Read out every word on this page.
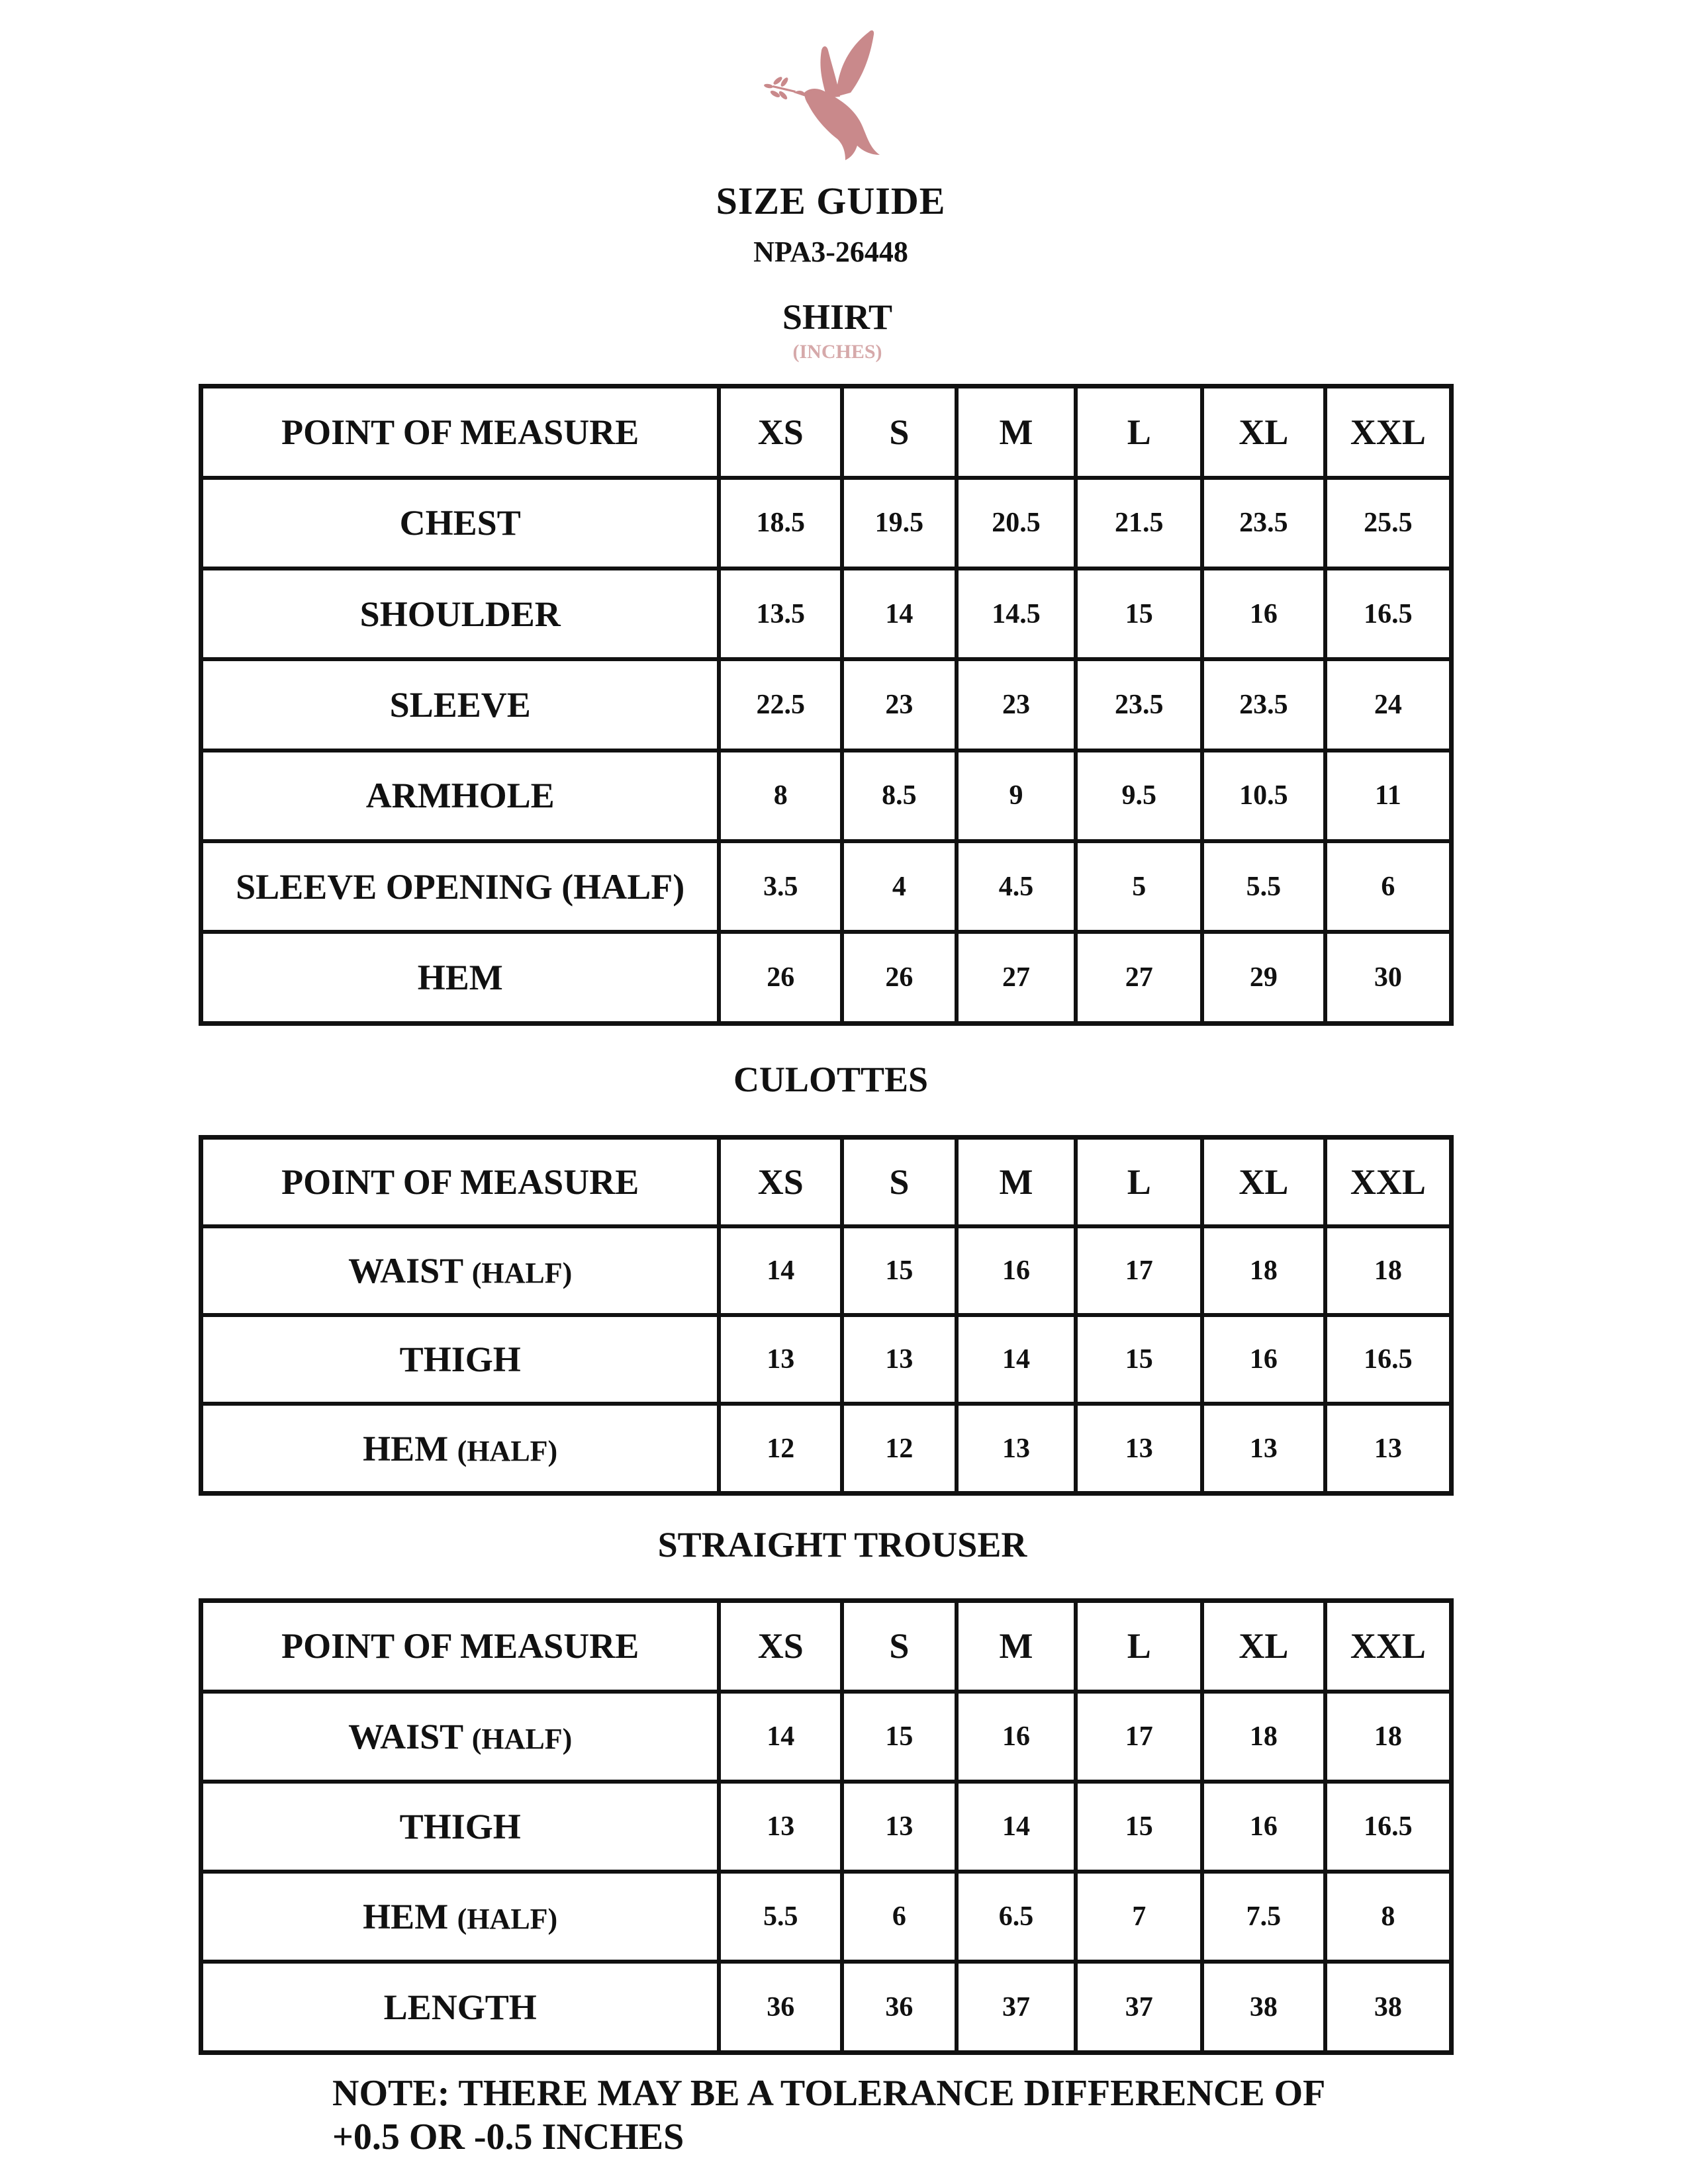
SIZE GUIDE
NPA3-26448
SHIRT
(INCHES)
POINT OF MEASURE	XS	S	M	L	XL	XXL
CHEST	18.5	19.5	20.5	21.5	23.5	25.5
SHOULDER	13.5	14	14.5	15	16	16.5
SLEEVE	22.5	23	23	23.5	23.5	24
ARMHOLE	8	8.5	9	9.5	10.5	11
SLEEVE OPENING (HALF)	3.5	4	4.5	5	5.5	6
HEM	26	26	27	27	29	30
CULOTTES
POINT OF MEASURE	XS	S	M	L	XL	XXL
WAIST (HALF)	14	15	16	17	18	18
THIGH	13	13	14	15	16	16.5
HEM (HALF)	12	12	13	13	13	13
STRAIGHT TROUSER
POINT OF MEASURE	XS	S	M	L	XL	XXL
WAIST (HALF)	14	15	16	17	18	18
THIGH	13	13	14	15	16	16.5
HEM (HALF)	5.5	6	6.5	7	7.5	8
LENGTH	36	36	37	37	38	38
NOTE: THERE MAY BE A TOLERANCE DIFFERENCE OF
+0.5 OR -0.5 INCHES
